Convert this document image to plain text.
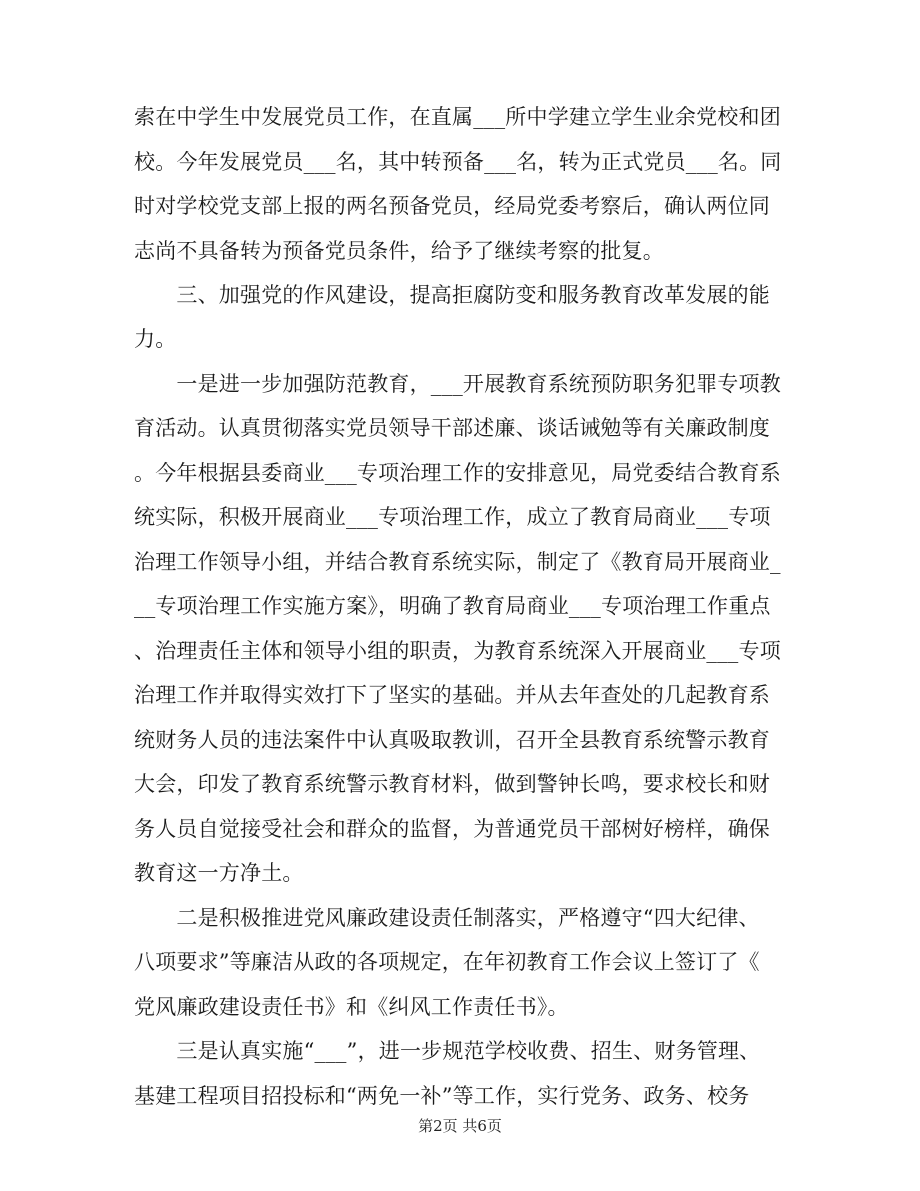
索在中学生中发展党员工作，在直属___所中学建立学生业余党校和团
校。今年发展党员___名，其中转预备___名，转为正式党员___名。同
时对学校党支部上报的两名预备党员，经局党委考察后，确认两位同
志尚不具备转为预备党员条件，给予了继续考察的批复。
　　三、加强党的作风建设，提高拒腐防变和服务教育改革发展的能
力。
　　一是进一步加强防范教育，___开展教育系统预防职务犯罪专项教
育活动。认真贯彻落实党员领导干部述廉、谈话诫勉等有关廉政制度
。今年根据县委商业___专项治理工作的安排意见，局党委结合教育系
统实际，积极开展商业___专项治理工作，成立了教育局商业___专项
治理工作领导小组，并结合教育系统实际，制定了《教育局开展商业_
__专项治理工作实施方案》，明确了教育局商业___专项治理工作重点
、治理责任主体和领导小组的职责，为教育系统深入开展商业___专项
治理工作并取得实效打下了坚实的基础。并从去年查处的几起教育系
统财务人员的违法案件中认真吸取教训，召开全县教育系统警示教育
大会，印发了教育系统警示教育材料，做到警钟长鸣，要求校长和财
务人员自觉接受社会和群众的监督，为普通党员干部树好榜样，确保
教育这一方净土。
　　二是积极推进党风廉政建设责任制落实，严格遵守“四大纪律、
八项要求”等廉洁从政的各项规定，在年初教育工作会议上签订了《
党风廉政建设责任书》和《纠风工作责任书》。
　　三是认真实施“___”，进一步规范学校收费、招生、财务管理、
基建工程项目招投标和“两免一补”等工作，实行党务、政务、校务
第2页 共6页
